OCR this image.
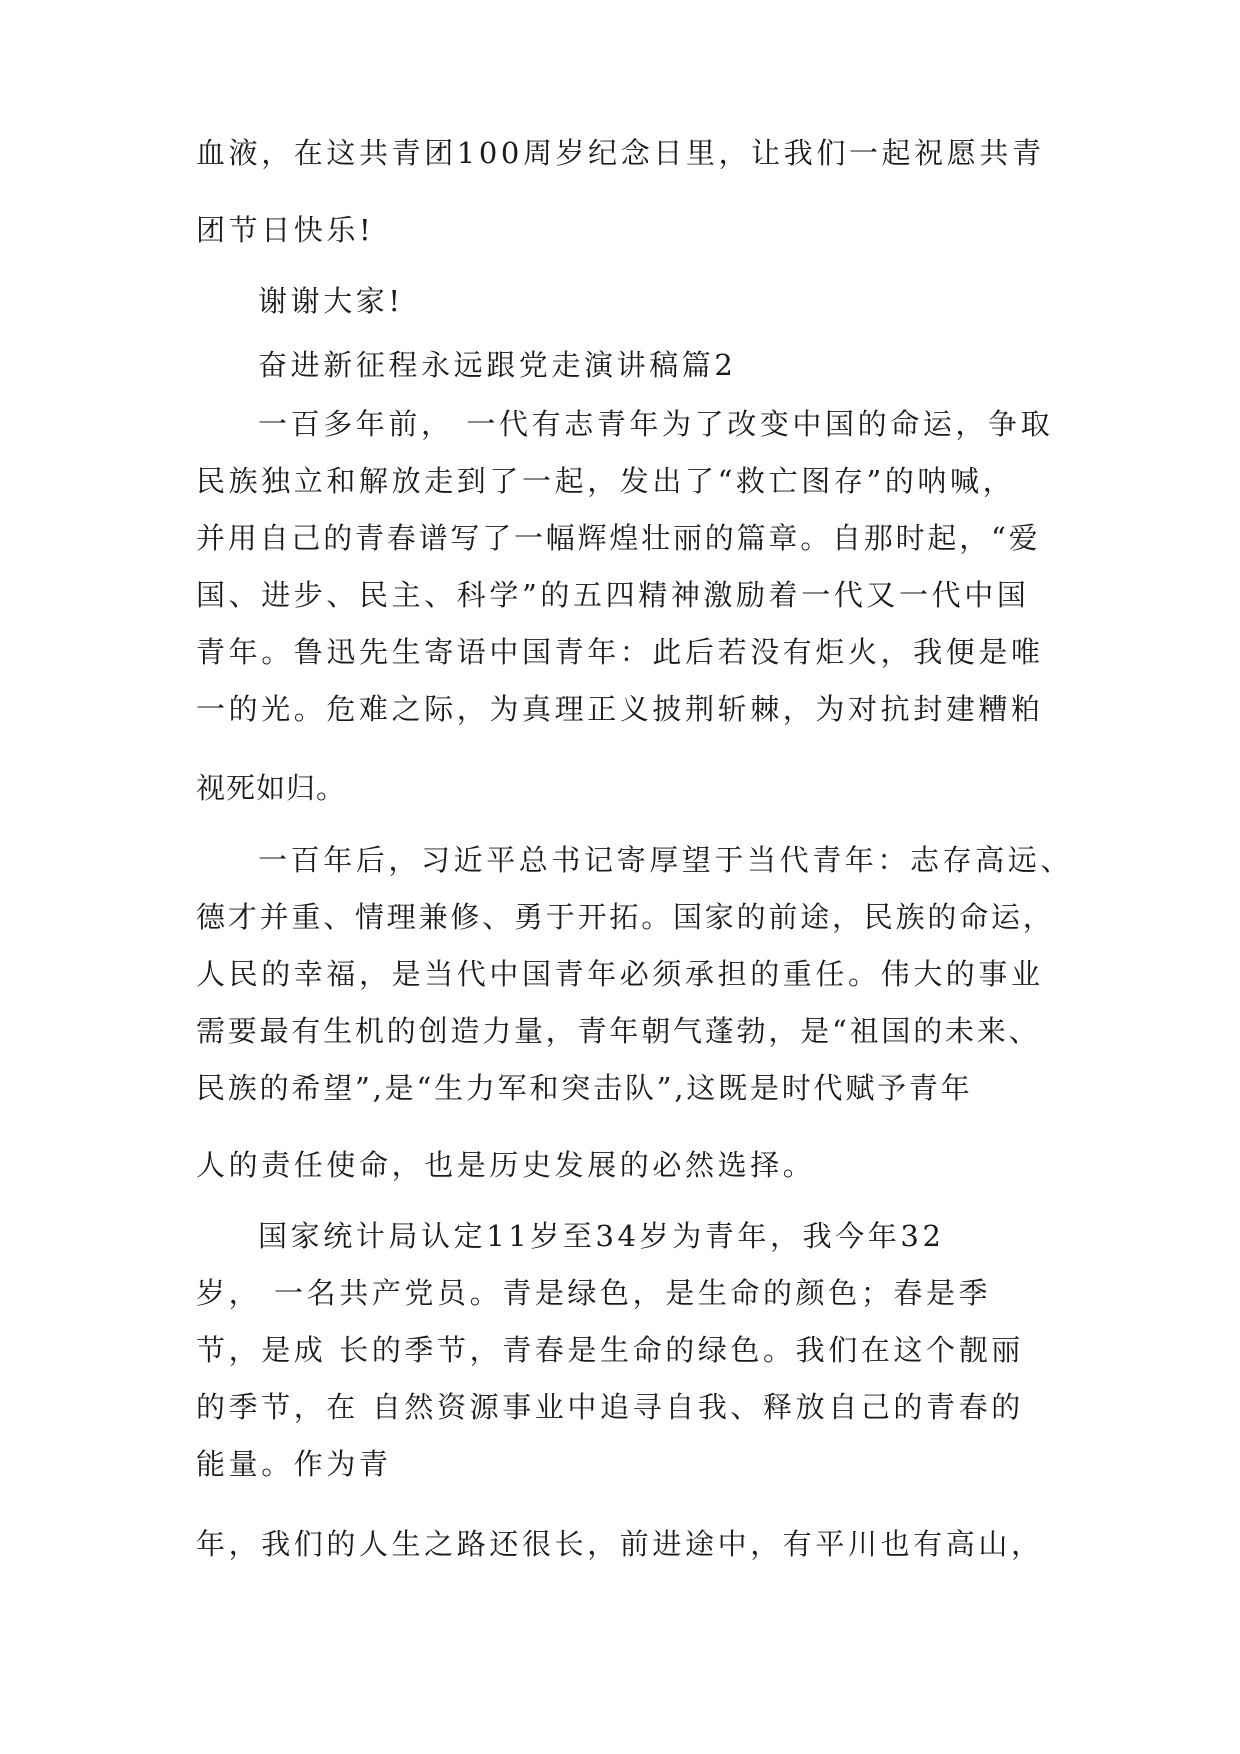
血液，在这共青团100周岁纪念日里，让我们一起祝愿共青
团节日快乐!
谢谢大家!
奋进新征程永远跟党走演讲稿篇2
一百多年前， 一代有志青年为了改变中国的命运，争取
民族独立和解放走到了一起，发出了“救亡图存”的呐喊，
并用自己的青春谱写了一幅辉煌壮丽的篇章。自那时起，“爱
国、进步、民主、科学”的五四精神激励着一代又一代中国
青年。鲁迅先生寄语中国青年：此后若没有炬火，我便是唯
一的光。危难之际，为真理正义披荆斩棘，为对抗封建糟粕
视死如归。
一百年后，习近平总书记寄厚望于当代青年：志存高远、
德才并重、情理兼修、勇于开拓。国家的前途，民族的命运，
人民的幸福，是当代中国青年必须承担的重任。伟大的事业
需要最有生机的创造力量，青年朝气蓬勃，是“祖国的未来、
民族的希望”,是“生力军和突击队”,这既是时代赋予青年
人的责任使命，也是历史发展的必然选择。
国家统计局认定11岁至34岁为青年，我今年32
岁， 一名共产党员。青是绿色，是生命的颜色；春是季
节，是成 长的季节，青春是生命的绿色。我们在这个靓丽
的季节，在 自然资源事业中追寻自我、释放自己的青春的
能量。作为青
年，我们的人生之路还很长，前进途中，有平川也有高山，
